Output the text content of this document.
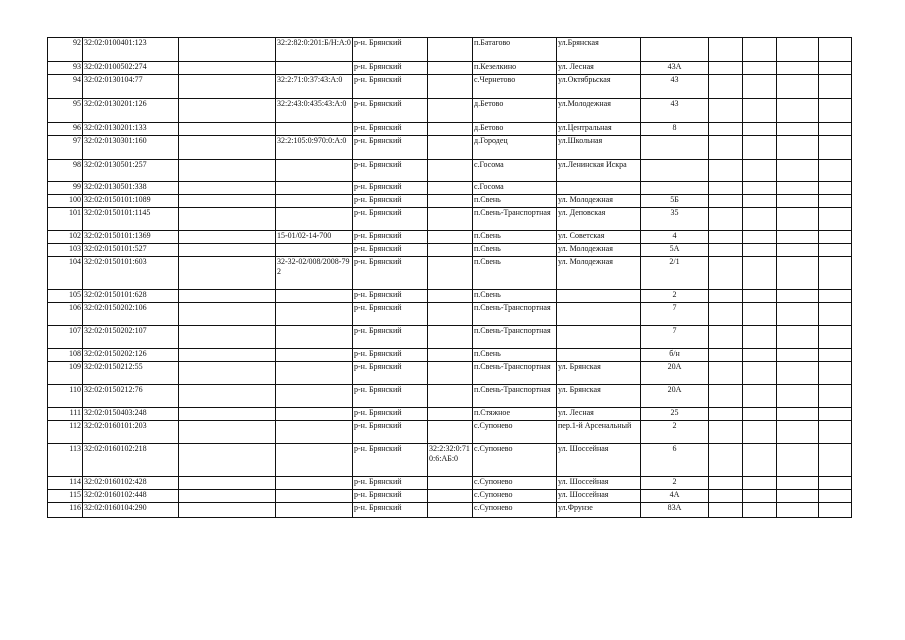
92	32:02:0100401:123		32:2:82:0:201:Б/Н:А:0	р-н. Брянский		п.Батагово	ул.Брянская					
93	32:02:0100502:274			р-н. Брянский		п.Кезелкино	ул. Лесная	43А				
94	32:02:0130104:77		32:2:71:0:37:43:А:0	р-н. Брянский		с.Чернетово	ул.Октябрьская	43				
95	32:02:0130201:126		32:2:43:0:435:43:А:0	р-н. Брянский		д.Бетово	ул.Молодежная	43				
96	32:02:0130201:133			р-н. Брянский		д.Бетово	ул.Центральная	8				
97	32:02:0130301:160		32:2:105:0:970:0:А:0	р-н. Брянский		д.Городец	ул.Школьная					
98	32:02:0130501:257			р-н. Брянский		с.Госома	ул.Ленинская Искра					
99	32:02:0130501:338			р-н. Брянский		с.Госома						
100	32:02:0150101:1089			р-н. Брянский		п.Свень	ул. Молодежная	5Б				
101	32:02:0150101:1145			р-н. Брянский		п.Свень-Транспортная	ул. Деповская	35				
102	32:02:0150101:1369		15-01/02-14-700	р-н. Брянский		п.Свень	ул. Советская	4				
103	32:02:0150101:527			р-н. Брянский		п.Свень	ул. Молодежная	5А				
104	32:02:0150101:603		32-32-02/008/2008-792	р-н. Брянский		п.Свень	ул. Молодежная	2/1				
105	32:02:0150101:628			р-н. Брянский		п.Свень		2				
106	32:02:0150202:106			р-н. Брянский		п.Свень-Транспортная		7				
107	32:02:0150202:107			р-н. Брянский		п.Свень-Транспортная		7				
108	32:02:0150202:126			р-н. Брянский		п.Свень		б/н				
109	32:02:0150212:55			р-н. Брянский		п.Свень-Транспортная	ул. Брянская	20А				
110	32:02:0150212:76			р-н. Брянский		п.Свень-Транспортная	ул. Брянская	20А				
111	32:02:0150403:248			р-н. Брянский		п.Стяжное	ул. Лесная	25				
112	32:02:0160101:203			р-н. Брянский		с.Супонево	пер.1-й Арсенальный	2				
113	32:02:0160102:218			р-н. Брянский	32:2:32:0:710:6:АБ:0	с.Супонево	ул. Шоссейная	6				
114	32:02:0160102:428			р-н. Брянский		с.Супонево	ул. Шоссейная	2				
115	32:02:0160102:448			р-н. Брянский		с.Супонево	ул. Шоссейная	4А				
116	32:02:0160104:290			р-н. Брянский		с.Супонево	ул.Фрунзе	83А				
